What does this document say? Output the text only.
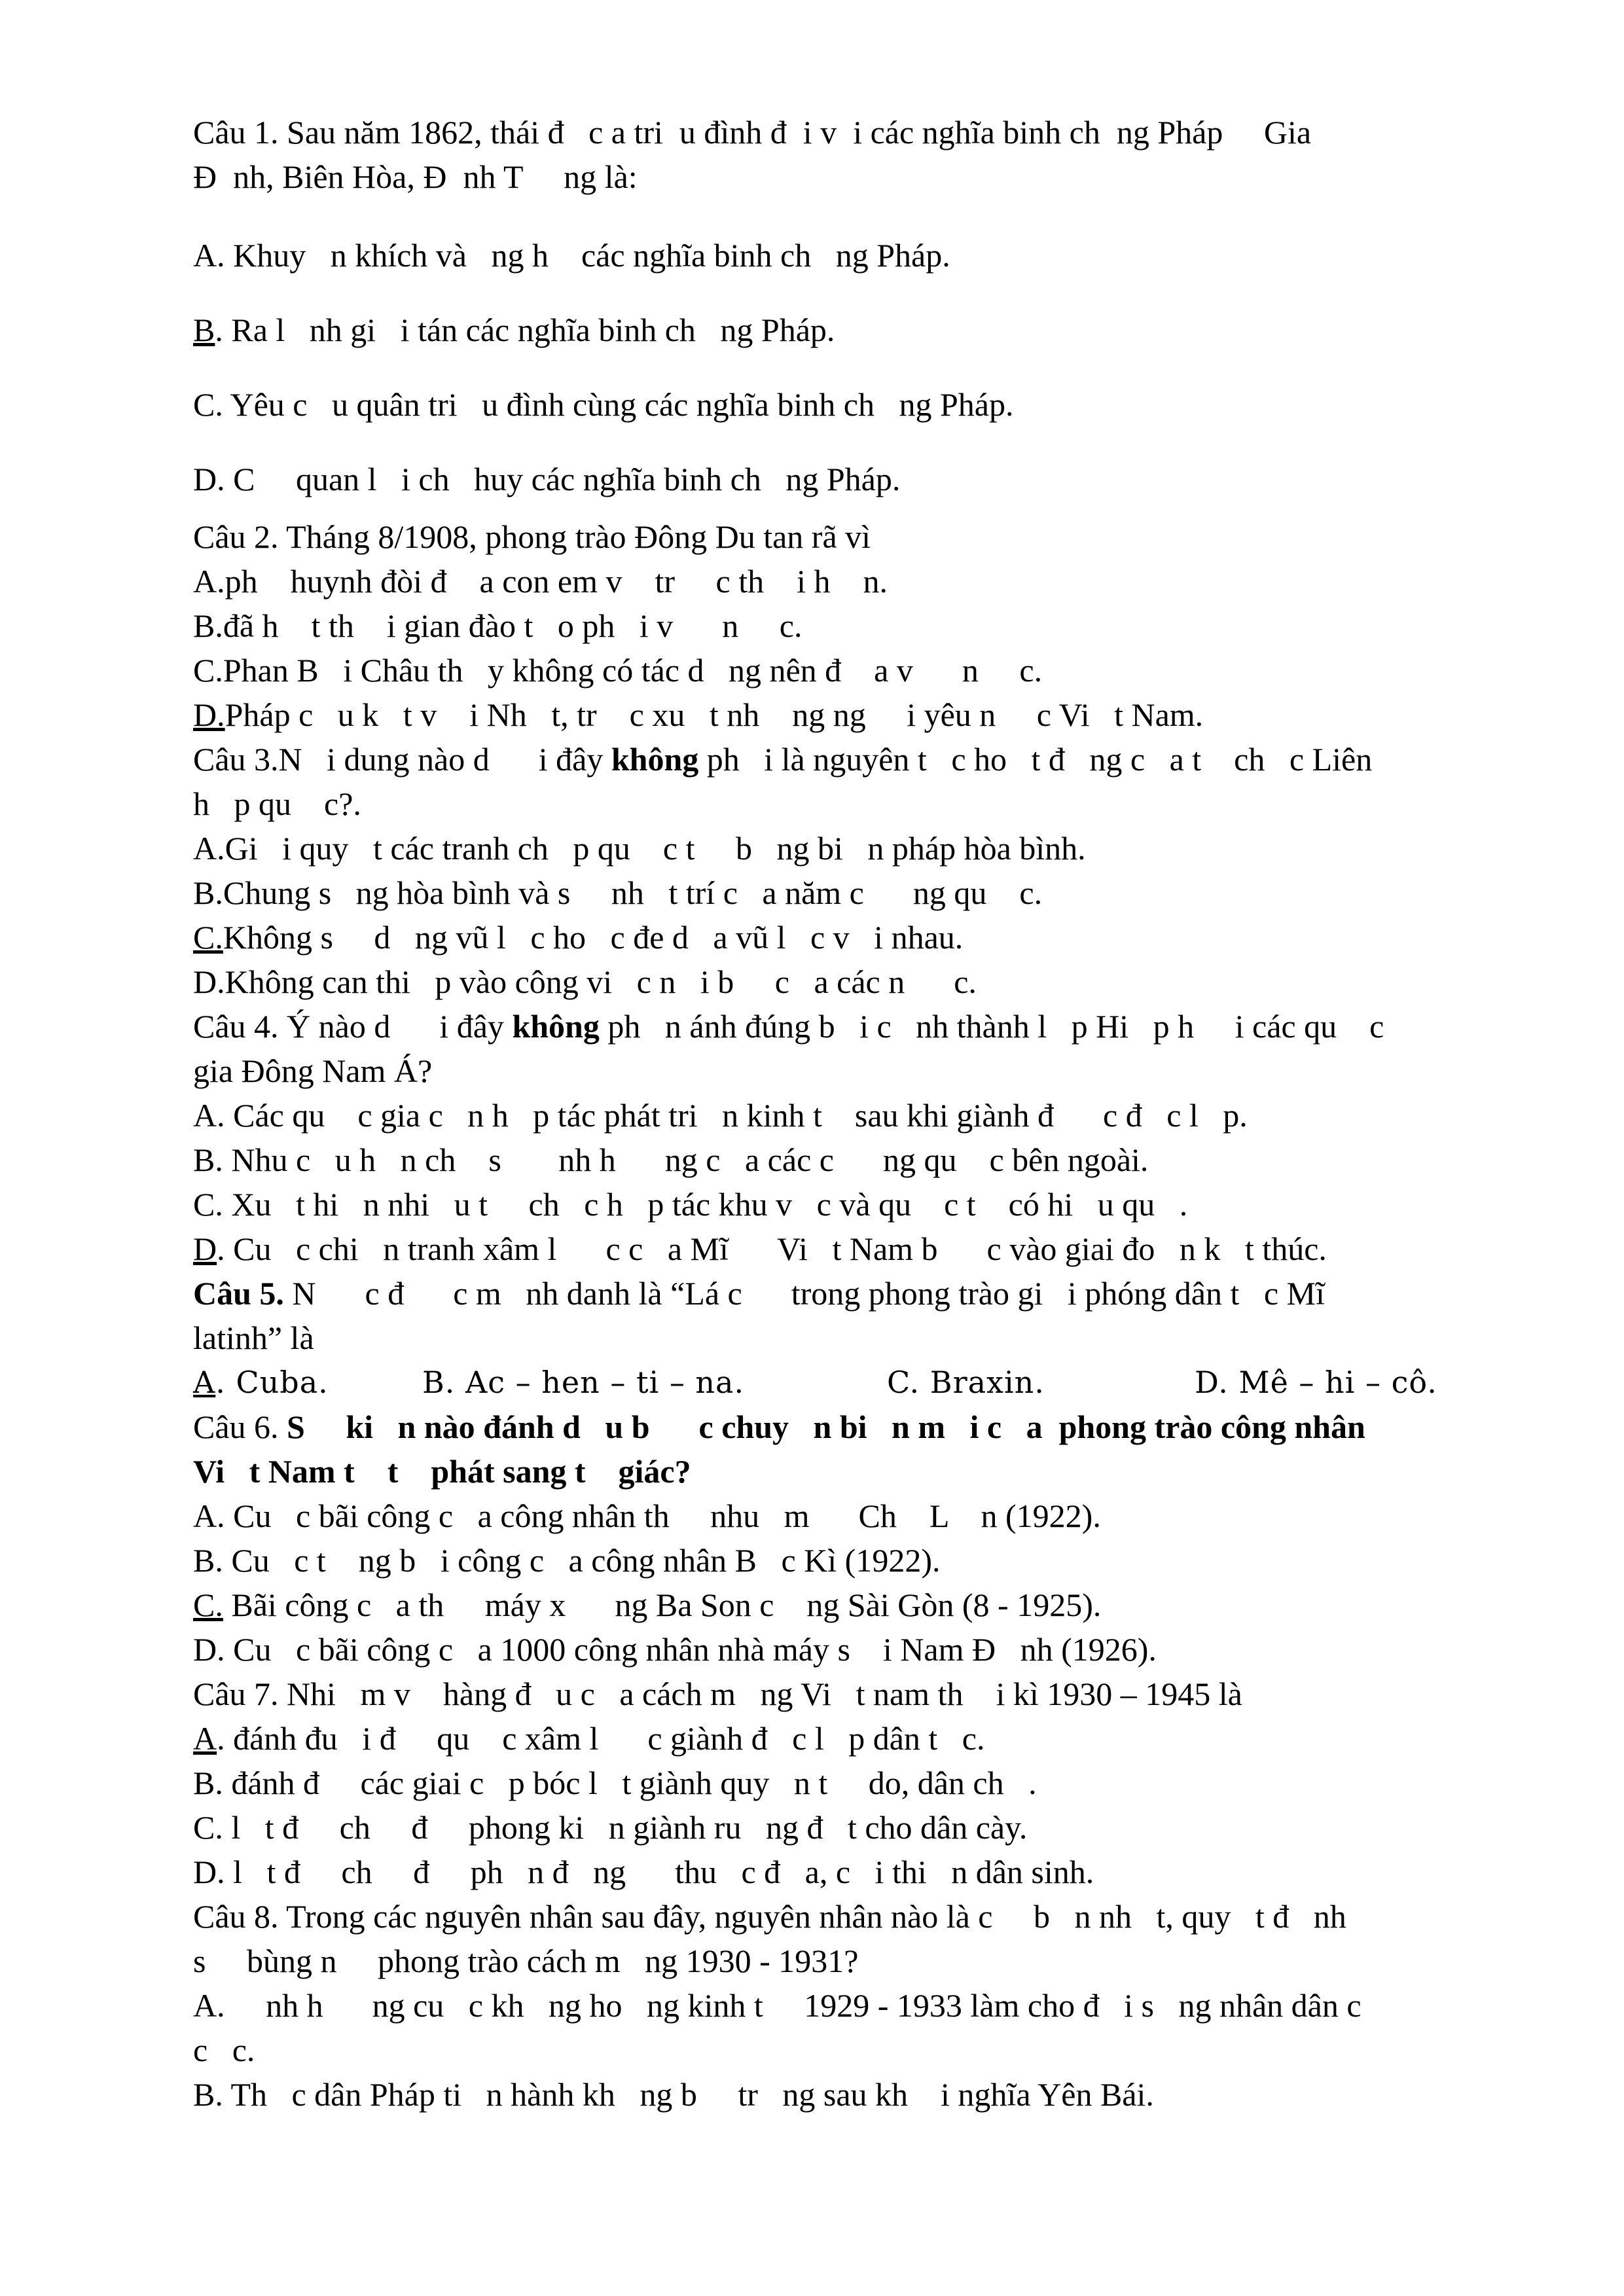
Câu 1. Sau năm 1862, thái đ   c a tri  u đình đ  i v  i các nghĩa binh ch  ng Pháp     Gia
Đ  nh, Biên Hòa, Đ  nh T     ng là:

A. Khuy   n khích và   ng h    các nghĩa binh ch   ng Pháp.

B. Ra l   nh gi   i tán các nghĩa binh ch   ng Pháp.

C. Yêu c   u quân tri   u đình cùng các nghĩa binh ch   ng Pháp.

D. C     quan l   i ch   huy các nghĩa binh ch   ng Pháp.

Câu 2. Tháng 8/1908, phong trào Đông Du tan rã vì

A.ph    huynh đòi đ    a con em v    tr     c th    i h    n.

B.đã h    t th    i gian đào t   o ph   i v      n     c.

C.Phan B   i Châu th   y không có tác d   ng nên đ    a v      n     c.

D.Pháp c   u k   t v    i Nh   t, tr    c xu   t nh    ng ng     i yêu n     c Vi   t Nam.

Câu 3.N   i dung nào d      i đây không ph   i là nguyên t   c ho   t đ   ng c   a t    ch   c Liên
h   p qu    c?.

A.Gi   i quy   t các tranh ch   p qu    c t     b   ng bi   n pháp hòa bình.

B.Chung s   ng hòa bình và s     nh   t trí c   a năm c      ng qu    c.

C.Không s     d   ng vũ l   c ho   c đe d   a vũ l   c v   i nhau.

D.Không can thi   p vào công vi   c n   i b     c   a các n      c.

Câu 4. Ý nào d      i đây không ph   n ánh đúng b   i c   nh thành l   p Hi   p h     i các qu    c
gia Đông Nam Á?

A. Các qu    c gia c   n h   p tác phát tri   n kinh t    sau khi giành đ      c đ   c l   p.

B. Nhu c   u h   n ch    s       nh h      ng c   a các c      ng qu    c bên ngoài.

C. Xu   t hi   n nhi   u t     ch   c h   p tác khu v   c và qu    c t    có hi   u qu   .

D. Cu   c chi   n tranh xâm l      c c   a Mĩ      Vi   t Nam b      c vào giai đo   n k   t thúc.

Câu 5. N      c đ      c m   nh danh là “Lá c      trong phong trào gi   i phóng dân t   c Mĩ
latinh” là

A. Cuba.	B. Ac – hen – ti – na.	C. Braxin.	D. Mê – hi – cô.

Câu 6. S     ki   n nào đánh d   u b      c chuy   n bi   n m   i c   a  phong trào công nhân
Vi   t Nam t    t    phát sang t    giác?

A. Cu   c bãi công c   a công nhân th     nhu   m      Ch    L    n (1922).

B. Cu   c t    ng b   i công c   a công nhân B   c Kì (1922).

C. Bãi công c   a th     máy x      ng Ba Son c    ng Sài Gòn (8 - 1925).

D. Cu   c bãi công c   a 1000 công nhân nhà máy s    i Nam Đ   nh (1926).

Câu 7. Nhi   m v    hàng đ   u c   a cách m   ng Vi   t nam th    i kì 1930 – 1945 là

A. đánh đu   i đ     qu    c xâm l      c giành đ   c l   p dân t   c.

B. đánh đ     các giai c   p bóc l   t giành quy   n t     do, dân ch   .

C. l   t đ     ch     đ     phong ki   n giành ru   ng đ   t cho dân cày.

D. l   t đ     ch     đ     ph   n đ   ng      thu   c đ   a, c   i thi   n dân sinh.

Câu 8. Trong các nguyên nhân sau đây, nguyên nhân nào là c     b   n nh   t, quy   t đ   nh
s     bùng n     phong trào cách m   ng 1930 - 1931?

A.     nh h      ng cu   c kh   ng ho   ng kinh t     1929 - 1933 làm cho đ   i s   ng nhân dân c
c   c.

B. Th   c dân Pháp ti   n hành kh   ng b     tr   ng sau kh    i nghĩa Yên Bái.
